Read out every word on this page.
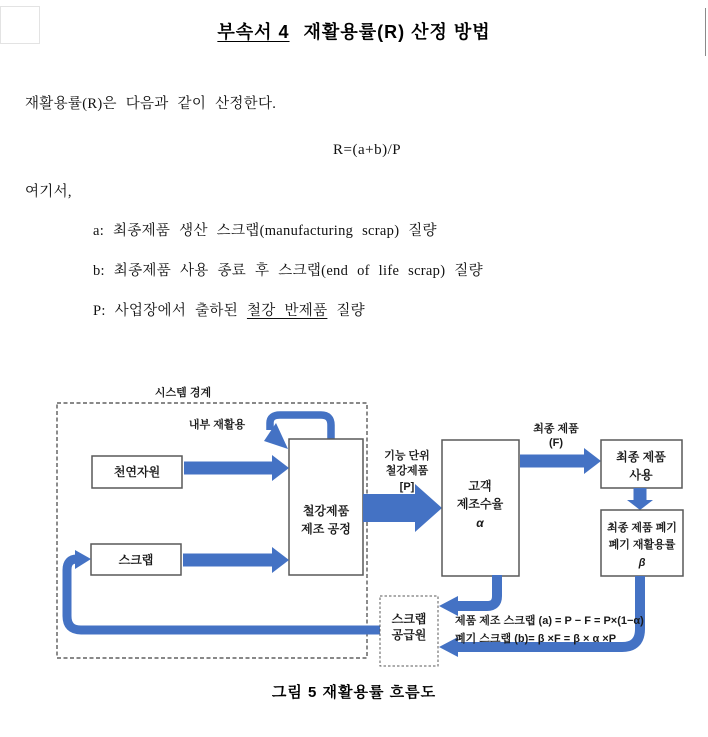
부속서 4 재활용률(R) 산정 방법
재활용률(R)은 다음과 같이 산정한다.
R=(a+b)/P
여기서,
a: 최종제품 생산 스크랩(manufacturing scrap) 질량
b: 최종제품 사용 종료 후 스크랩(end of life scrap) 질량
P: 사업장에서 출하된 철강 반제품 질량
시스템 경계
내부 재활용
천연자원
스크랩
철강제품
제조 공정
기능 단위
철강제품
[P]	고객
제조수율
α
최종 제품
(F)
최종 제품
사용
최종 제품 폐기
폐기 재활용률
β
스크랩
공급원
제품 제조 스크랩 (a) = P − F = P×(1−α)
폐기 스크랩 (b)= β ×F = β × α ×P
그림 5 재활용률 흐름도
